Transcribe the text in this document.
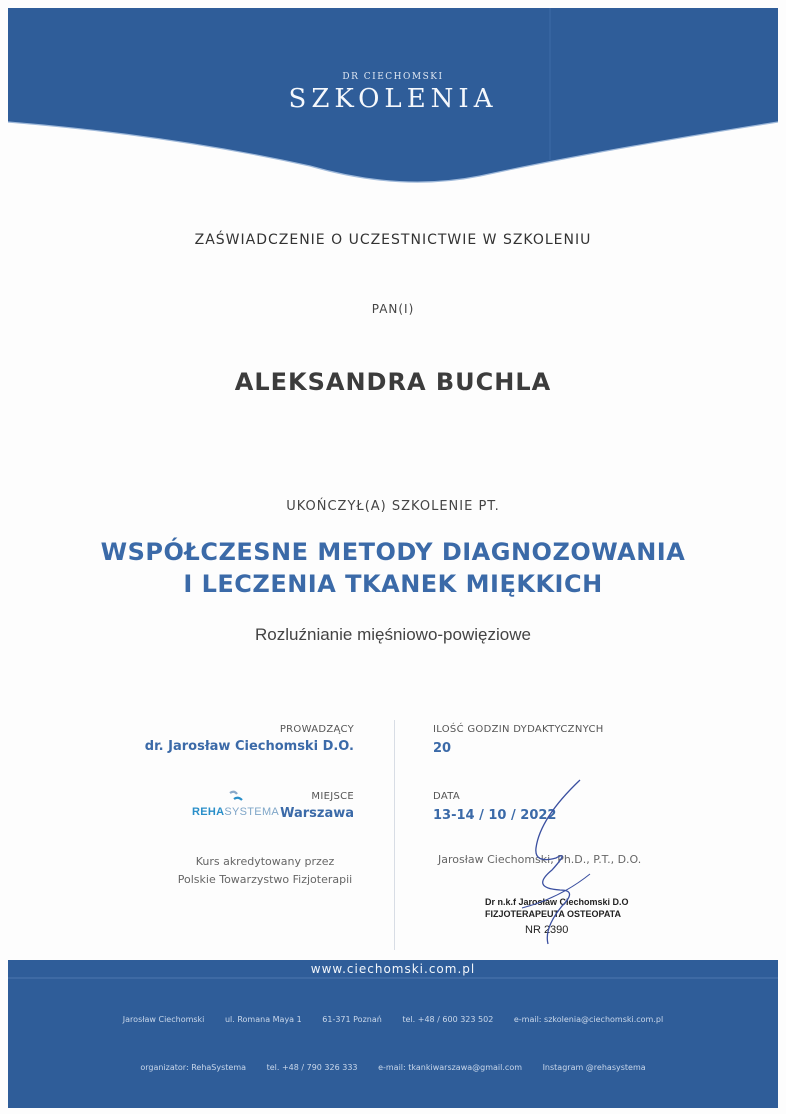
DR CIECHOMSKI
SZKOLENIA
ZAŚWIADCZENIE O UCZESTNICTWIE W SZKOLENIU
PAN(I)
ALEKSANDRA BUCHLA
UKOŃCZYŁ(A) SZKOLENIE PT.
WSPÓŁCZESNE METODY DIAGNOZOWANIA
I LECZENIA TKANEK MIĘKKICH
Rozluźnianie mięśniowo-powięziowe
PROWADZĄCY
dr. Jarosław Ciechomski D.O.
ILOŚĆ GODZIN DYDAKTYCZNYCH
20
REHASYSTEMA
MIEJSCE
Warszawa
DATA
13-14 / 10 / 2022
Kurs akredytowany przez
Polskie Towarzystwo Fizjoterapii
Jarosław Ciechomski, Ph.D., P.T., D.O.
Dr n.k.f Jarosław Ciechomski D.O
FIZJOTERAPEUTA OSTEOPATA
NR 2390
www.ciechomski.com.pl
Jarosław Ciechomski	ul. Romana Maya 1	61-371 Poznań	tel. +48 / 600 323 502	e-mail: szkolenia@ciechomski.com.pl
organizator: RehaSystema	tel. +48 / 790 326 333	e-mail: tkankiwarszawa@gmail.com	Instagram @rehasystema
